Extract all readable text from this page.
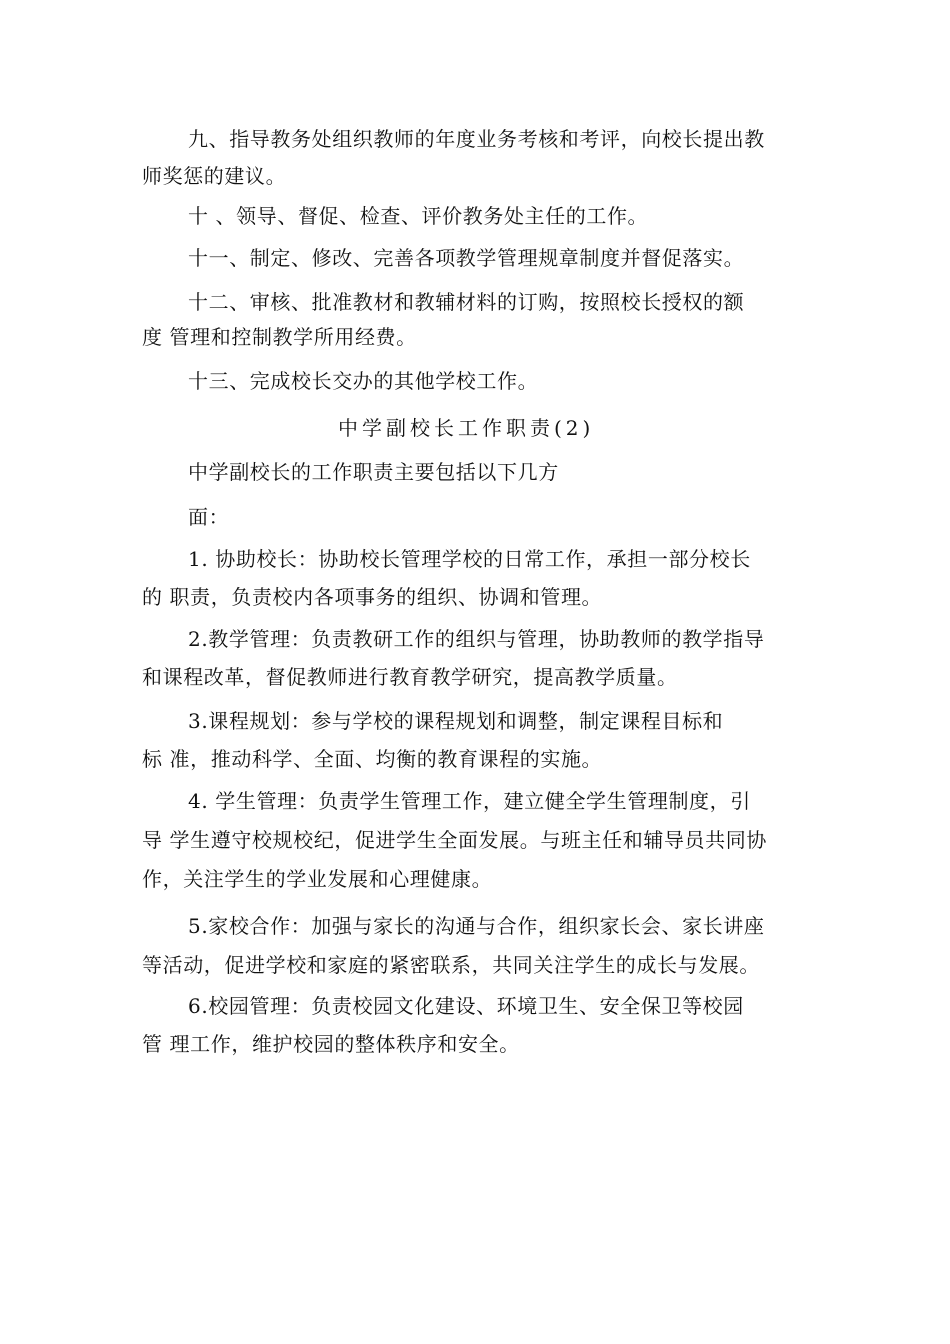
九、指导教务处组织教师的年度业务考核和考评，向校长提出教
师奖惩的建议。
十 、领导、督促、检查、评价教务处主任的工作。
十一、制定、修改、完善各项教学管理规章制度并督促落实。
十二、审核、批准教材和教辅材料的订购，按照校长授权的额
度 管理和控制教学所用经费。
十三、完成校长交办的其他学校工作。
中学副校长工作职责(2)
中学副校长的工作职责主要包括以下几方
面：
1. 协助校长：协助校长管理学校的日常工作，承担一部分校长
的 职责，负责校内各项事务的组织、协调和管理。
2.教学管理：负责教研工作的组织与管理，协助教师的教学指导
和课程改革，督促教师进行教育教学研究，提高教学质量。
3.课程规划：参与学校的课程规划和调整，制定课程目标和
标 准，推动科学、全面、均衡的教育课程的实施。
4. 学生管理：负责学生管理工作，建立健全学生管理制度，引
导 学生遵守校规校纪，促进学生全面发展。与班主任和辅导员共同协
作，关注学生的学业发展和心理健康。
5.家校合作：加强与家长的沟通与合作，组织家长会、家长讲座
等活动，促进学校和家庭的紧密联系，共同关注学生的成长与发展。
6.校园管理：负责校园文化建设、环境卫生、安全保卫等校园
管 理工作，维护校园的整体秩序和安全。
